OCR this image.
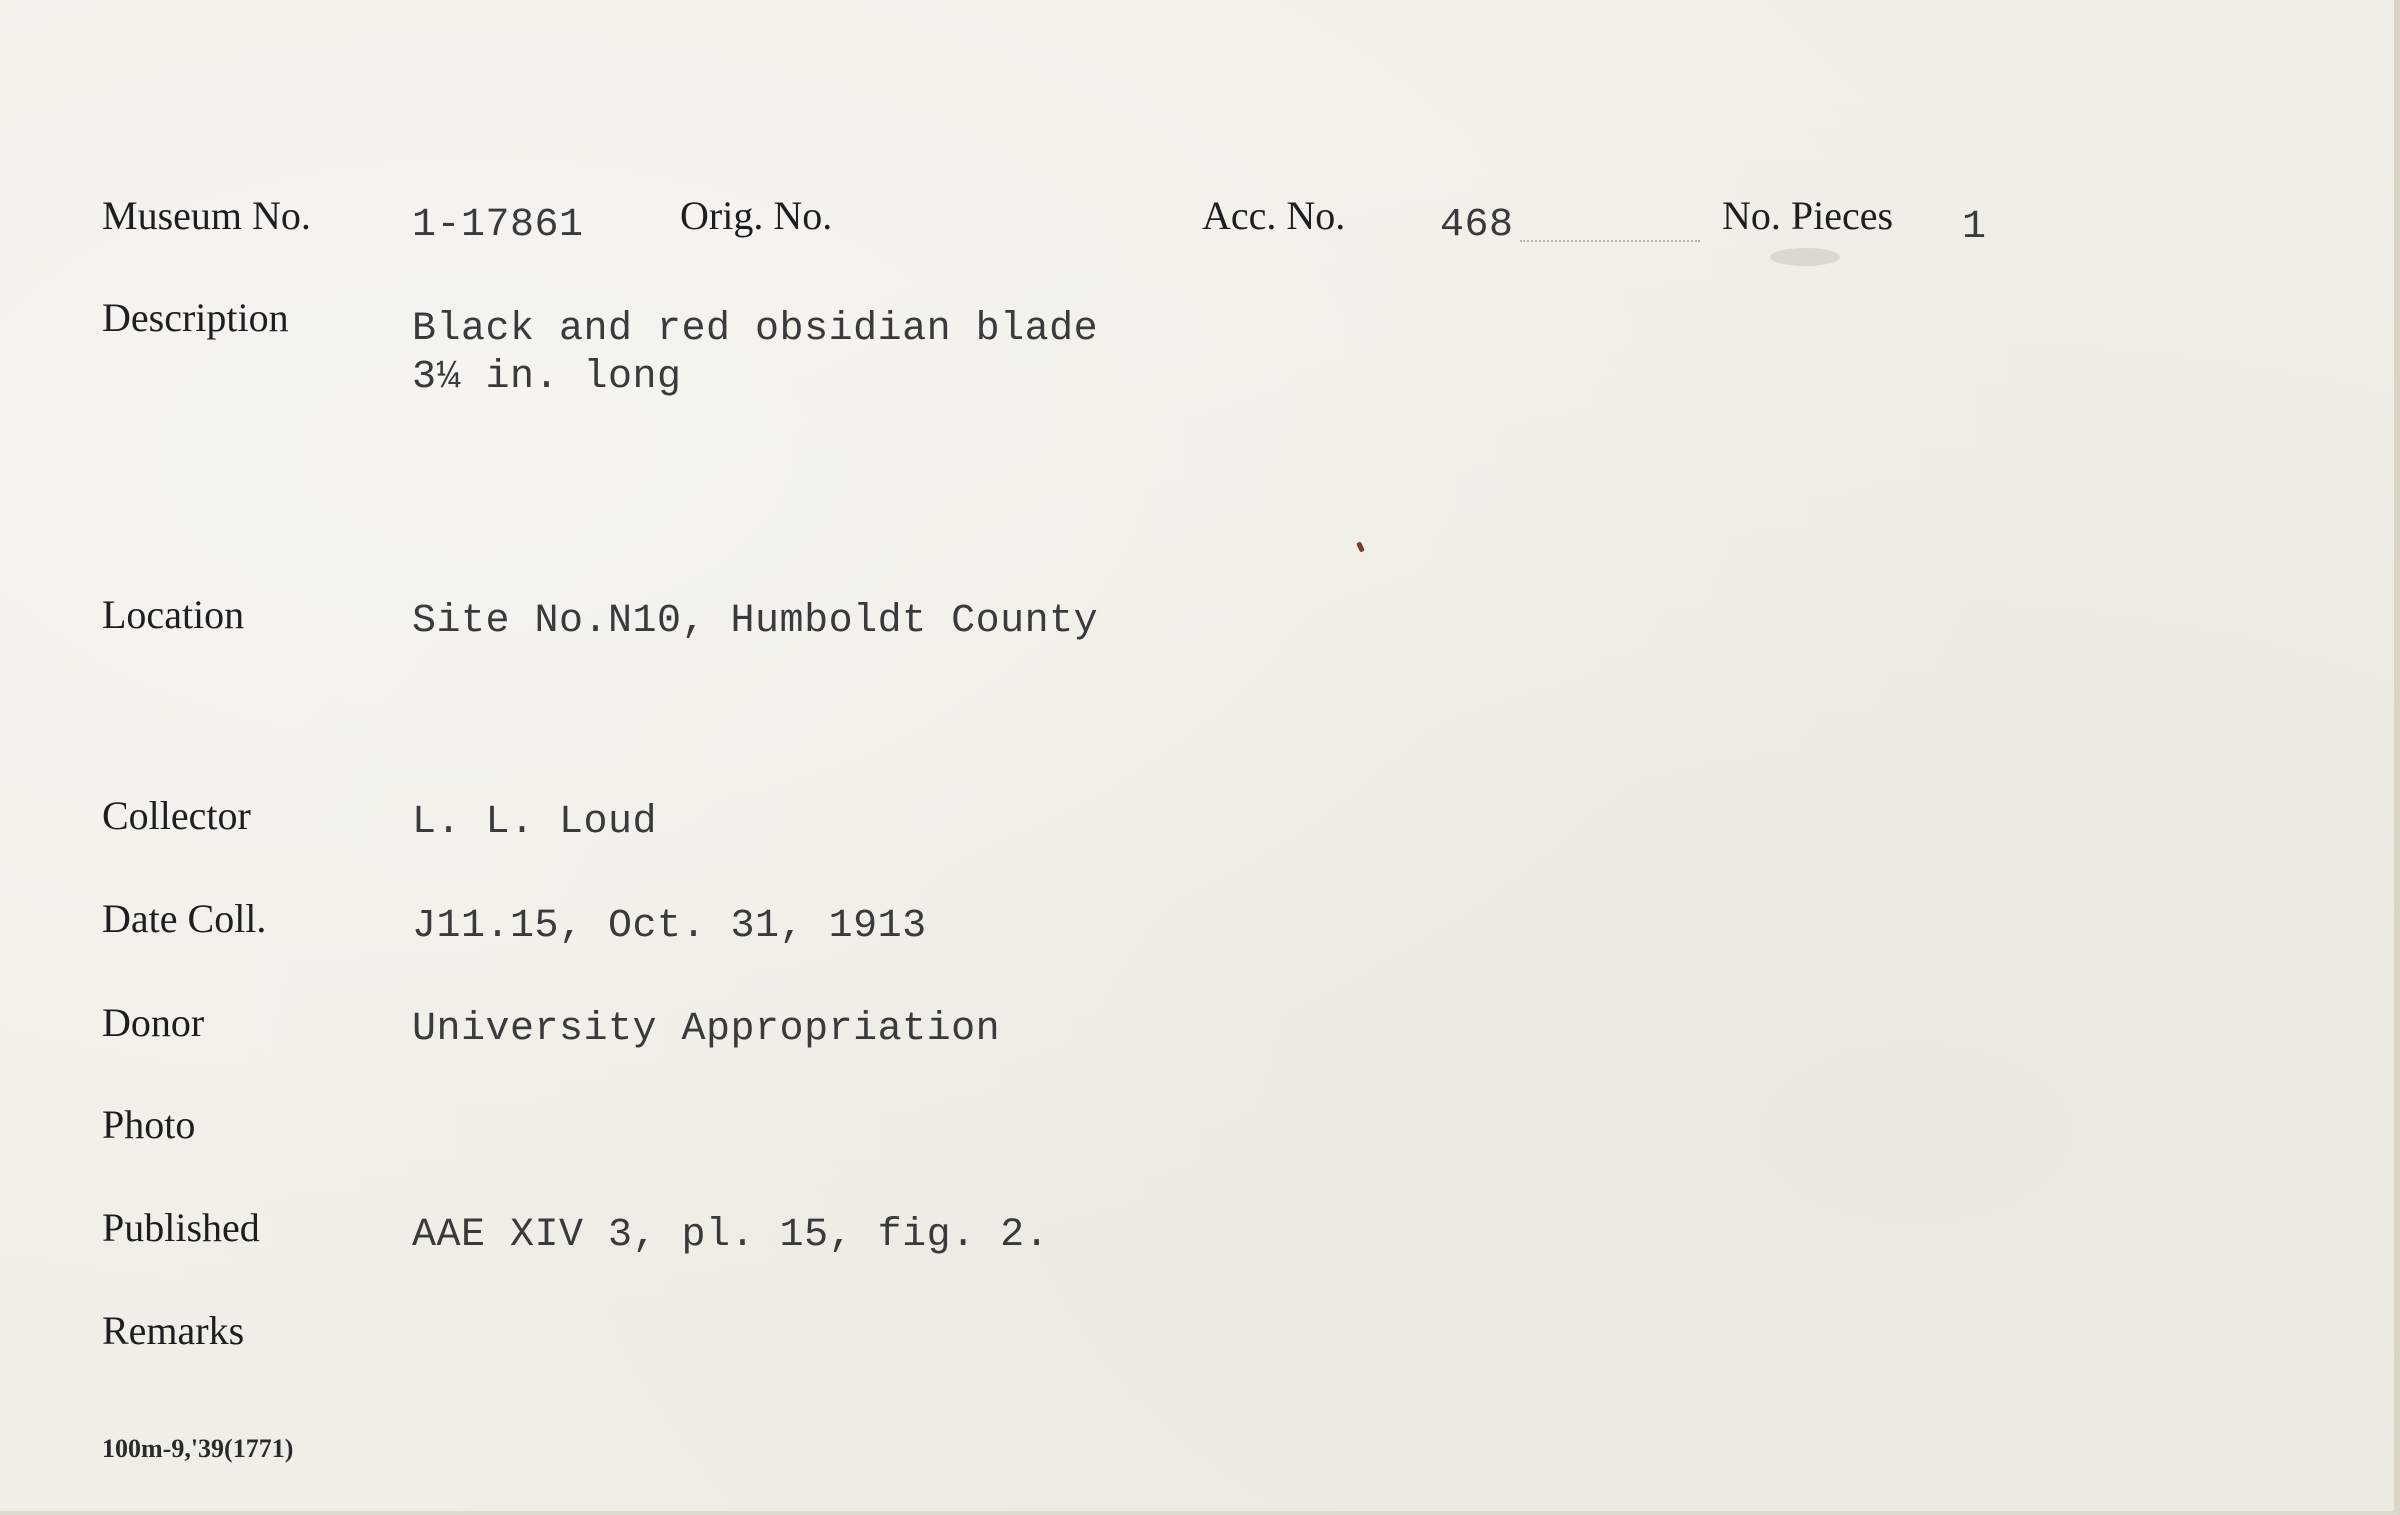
Museum No.	1-17861 Orig. No.	Acc. No. 468	No. Pieces 1
Description	Black and red obsidian blade
3¼ in. long
Location	Site No.N10, Humboldt County
Collector	L. L. Loud
Date Coll.	J11.15, Oct. 31, 1913
Donor	University Appropriation
Photo
Published	AAE XIV 3, pl. 15, fig. 2.
Remarks
100m-9,'39(1771)
